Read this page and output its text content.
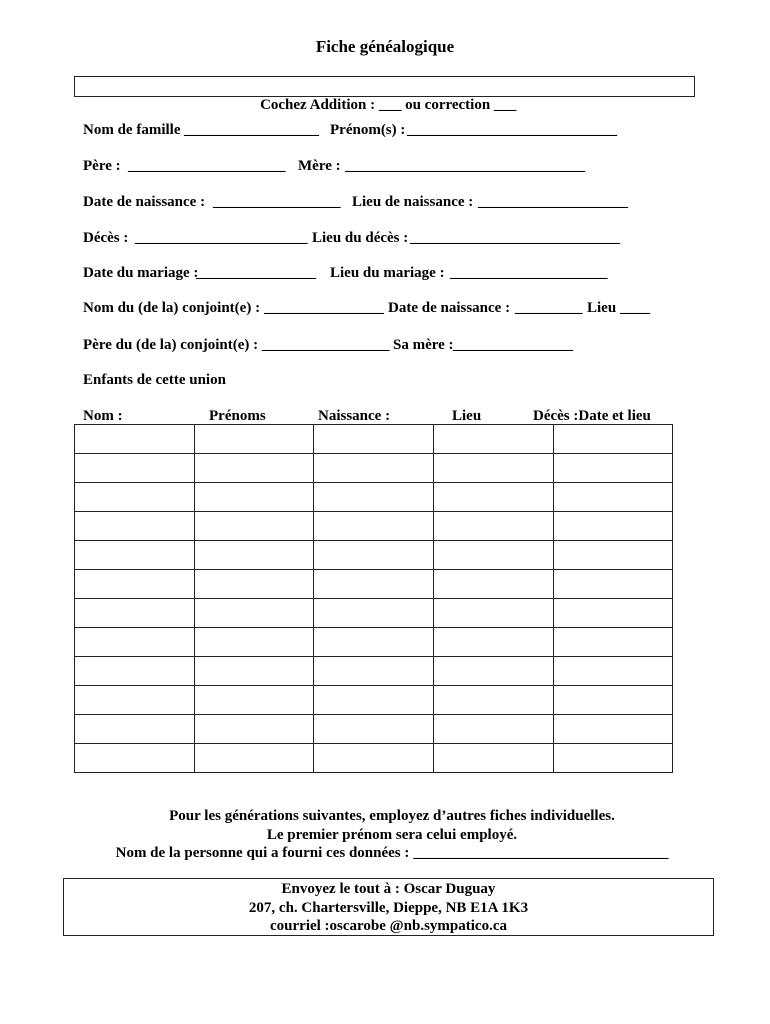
Fiche généalogique

Cochez Addition : ___ ou correction ___

Nom de famille __________________ Prénom(s) : ____________________________
Père : _____________________ Mère : ________________________________
Date de naissance : _________________ Lieu de naissance : ____________________
Décès : _______________________ Lieu du décès : ____________________________
Date du mariage :
________________ Lieu du mariage : _____________________
Nom du (de la) conjoint(e) : ________________ Date de naissance : _________ Lieu ____
Père du (de la) conjoint(e) : _________________ Sa mère : ________________
Enfants de cette union
Nom :	Prénoms	Naissance :	Lieu	Décès :Date et lieu

Pour les générations suivantes, employez d’autres fiches individuelles.
Le premier prénom sera celui employé.
Nom de la personne qui a fourni ces données : __________________________________
Envoyez le tout à : Oscar Duguay
207, ch. Chartersville, Dieppe, NB E1A 1K3
courriel :oscarobe @nb.sympatico.ca
